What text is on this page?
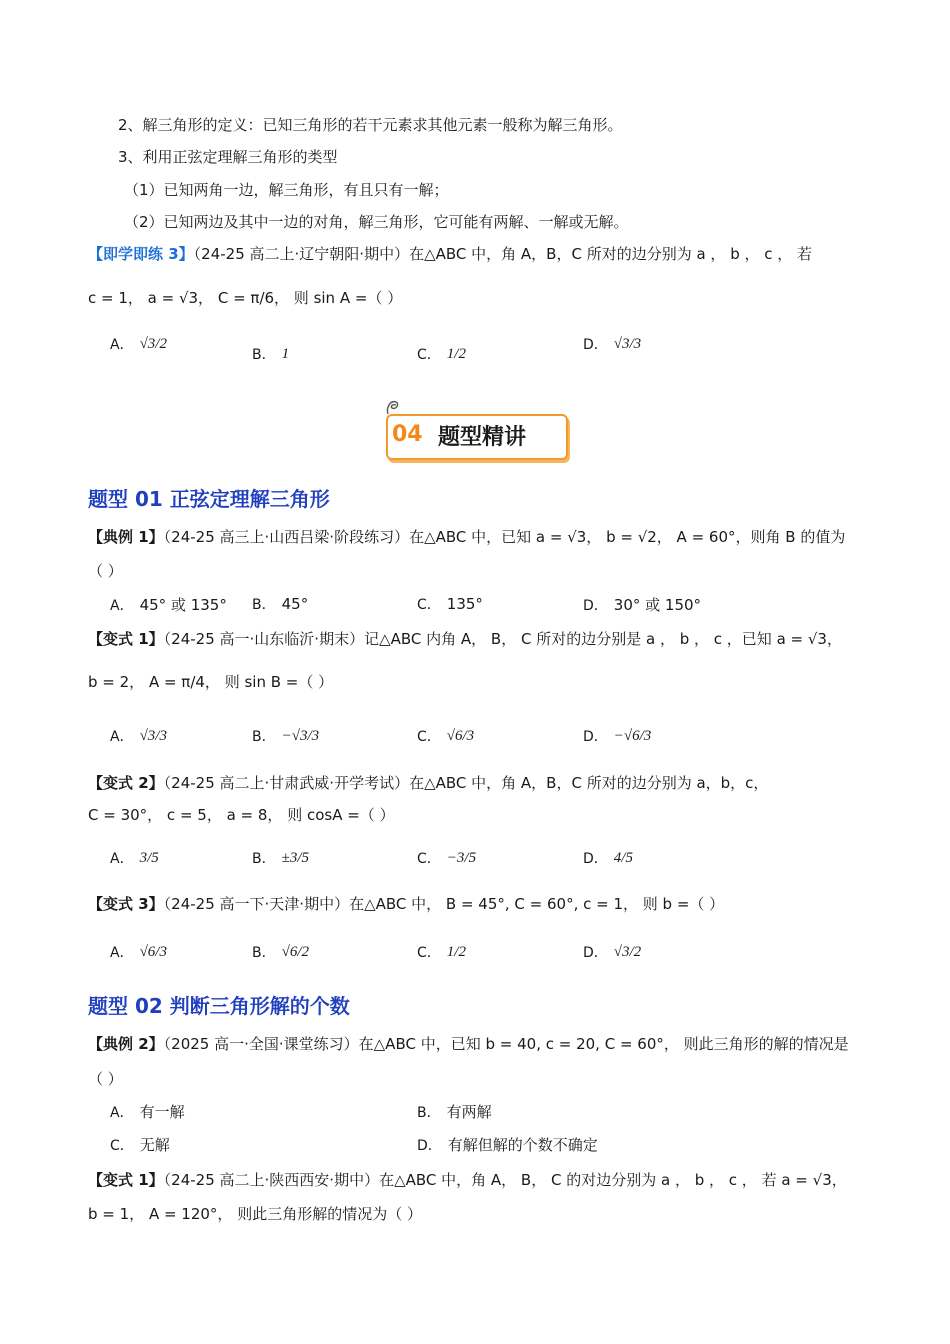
2、解三角形的定义：已知三角形的若干元素求其他元素一般称为解三角形。
3、利用正弦定理解三角形的类型
（1）已知两角一边，解三角形，有且只有一解；
（2）已知两边及其中一边的对角，解三角形，它可能有两解、一解或无解。
【即学即练 3】（24-25 高二上·辽宁朝阳·期中）在△ABC 中，角 A，B，C 所对的边分别为 a ， b ， c ， 若
c = 1， a = √3， C = π/6， 则 sin A =（ ）
A． √3/2
B． 1	C． 1/2
D． √3/3
04 题型精讲
题型 01 正弦定理解三角形
【典例 1】（24-25 高三上·山西吕梁·阶段练习）在△ABC 中，已知 a = √3， b = √2， A = 60°，则角 B 的值为
（ ）
A． 45° 或 135° B． 45°	C． 135°	D． 30° 或 150°
【变式 1】（24-25 高一·山东临沂·期末）记△ABC 内角 A， B， C 所对的边分别是 a ， b ， c ，已知 a = √3，
b = 2， A = π/4， 则 sin B =（ ）
A． √3/3	B． −√3/3	C． √6/3	D． −√6/3
【变式 2】（24-25 高二上·甘肃武威·开学考试）在△ABC 中，角 A，B，C 所对的边分别为 a，b，c，
C = 30°， c = 5， a = 8， 则 cosA =（ ）
A． 3/5	B． ±3/5	C． −3/5	D． 4/5
【变式 3】（24-25 高一下·天津·期中）在△ABC 中， B = 45°, C = 60°, c = 1， 则 b =（ ）
A． √6/3	B． √6/2	C． 1/2	D． √3/2
题型 02 判断三角形解的个数
【典例 2】（2025 高一·全国·课堂练习）在△ABC 中，已知 b = 40, c = 20, C = 60°， 则此三角形的解的情况是
（ ）
A． 有一解	B． 有两解
C． 无解	D． 有解但解的个数不确定
【变式 1】（24-25 高二上·陕西西安·期中）在△ABC 中，角 A， B， C 的对边分别为 a ， b ， c ， 若 a = √3，
b = 1， A = 120°， 则此三角形解的情况为（ ）
